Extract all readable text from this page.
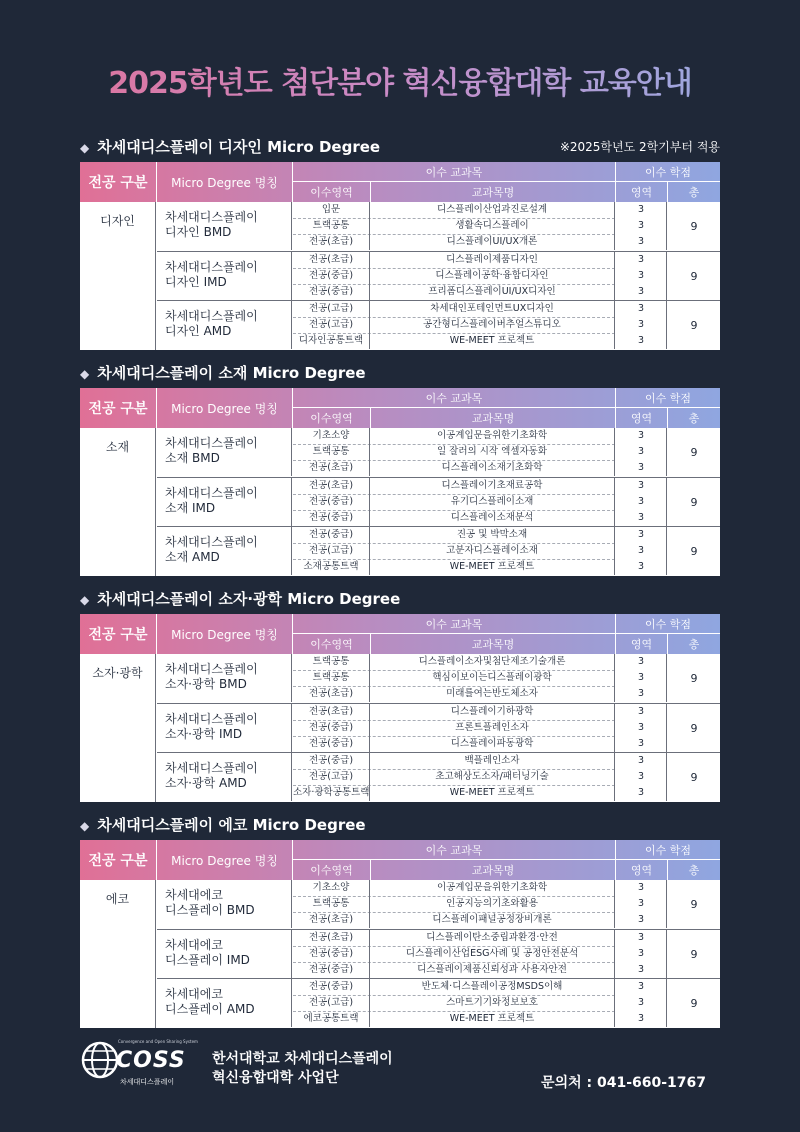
2025학년도 첨단분야 혁신융합대학 교육안내
◆ 차세대디스플레이 디자인 Micro Degree	※2025학년도 2학기부터 적용
전공 구분	Micro Degree 명칭
이수 교과목	이수 학점
이수영역	교과목명	영역	총
디자인	차세대디스플레이
디자인 BMD
입문	디스플레이산업과진로설계	3
트랙공통	생활속디스플레이	3
전공(초급)	디스플레이UI/UX개론	3
9
차세대디스플레이
디자인 IMD
전공(초급)	디스플레이제품디자인	3
전공(중급)	디스플레이공학·융합디자인	3
전공(중급)	프리폼디스플레이UI/UX디자인	3
9
차세대디스플레이
디자인 AMD
전공(고급)	차세대인포테인먼트UX디자인	3
전공(고급)	공간형디스플레이버추얼스튜디오	3
디자인공통트랙	WE-MEET 프로젝트	3
9
◆ 차세대디스플레이 소재 Micro Degree
전공 구분	Micro Degree 명칭
이수 교과목	이수 학점
이수영역	교과목명	영역	총
소재	차세대디스플레이
소재 BMD
기초소양	이공계입문을위한기초화학	3
트랙공통	일 잘러의 시작 엑셀자동화	3
전공(초급)	디스플레이소재기초화학	3
9
차세대디스플레이
소재 IMD
전공(초급)	디스플레이기초재료공학	3
전공(중급)	유기디스플레이소재	3
전공(중급)	디스플레이소재분석	3
9
차세대디스플레이
소재 AMD
전공(중급)	진공 및 박막소재	3
전공(고급)	고분자디스플레이소재	3
소재공통트랙	WE-MEET 프로젝트	3
9
◆ 차세대디스플레이 소자·광학 Micro Degree
전공 구분	Micro Degree 명칭
이수 교과목	이수 학점
이수영역	교과목명	영역	총
소자·광학	차세대디스플레이
소자·광학 BMD
트랙공통	디스플레이소자및첨단제조기술개론	3
트랙공통	핵심이보이는디스플레이광학	3
전공(초급)	미래를여는반도체소자	3
9
차세대디스플레이
소자·광학 IMD
전공(초급)	디스플레이기하광학	3
전공(중급)	프론트플레인소자	3
전공(중급)	디스플레이파동광학	3
9
차세대디스플레이
소자·광학 AMD
전공(중급)	백플레인소자	3
전공(고급)	초고해상도소자/패터닝기술	3
소자·광학공통트랙	WE-MEET 프로젝트	3
9
◆ 차세대디스플레이 에코 Micro Degree
전공 구분	Micro Degree 명칭
이수 교과목	이수 학점
이수영역	교과목명	영역	총
에코	차세대에코
디스플레이 BMD
기초소양	이공계입문을위한기초화학	3
트랙공통	인공지능의기초와활용	3
전공(초급)	디스플레이패널공정장비개론	3
9
차세대에코
디스플레이 IMD
전공(초급)	디스플레이탄소중립과환경·안전	3
전공(중급)	디스플레이산업ESG사례 및 공정안전분석	3
전공(중급)	디스플레이제품신뢰성과 사용자안전	3
9
차세대에코
디스플레이 AMD
전공(중급)	반도체·디스플레이공정MSDS이해	3
전공(고급)	스마트기기와정보보호	3
에코공통트랙	WE-MEET 프로젝트	3
9
Convergence and Open Sharing System
COSS
차세대디스플레이
한서대학교 차세대디스플레이
혁신융합대학 사업단	문의처 : 041-660-1767
